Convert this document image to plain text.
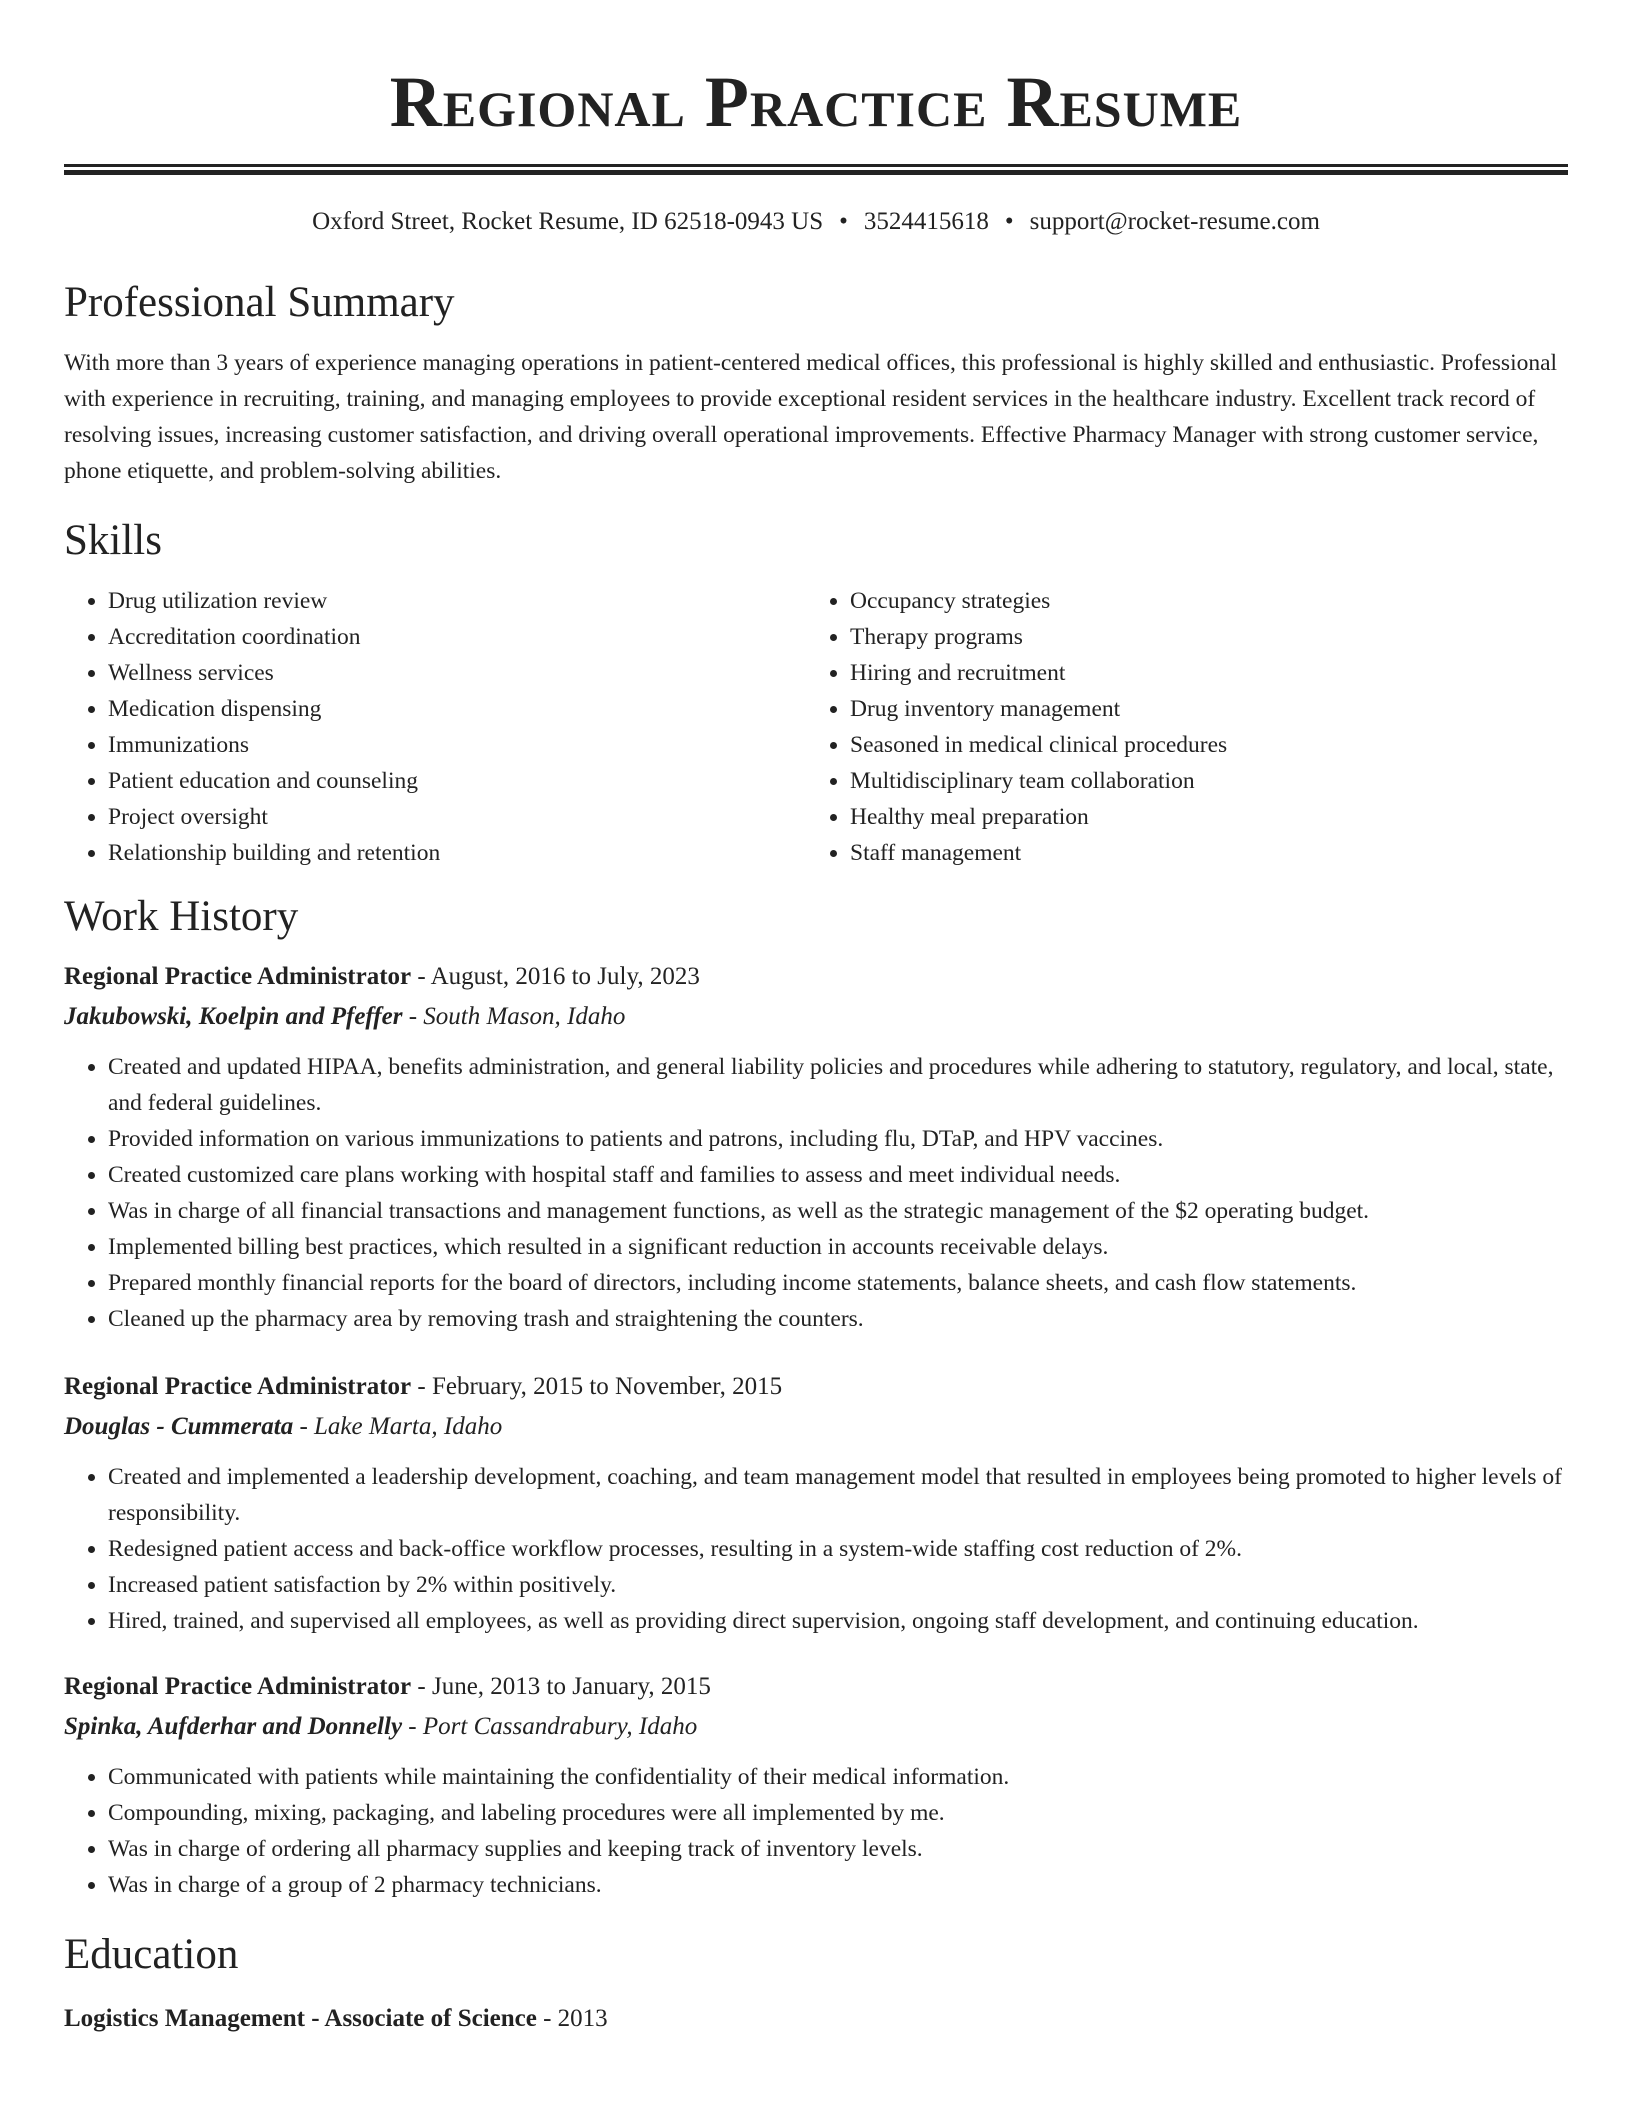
Regional Practice Resume
Oxford Street, Rocket Resume, ID 62518-0943 US • 3524415618 • support@rocket-resume.com
Professional Summary

With more than 3 years of experience managing operations in patient-centered medical offices, this professional is highly skilled and enthusiastic. Professional with experience in recruiting, training, and managing employees to provide exceptional resident services in the healthcare industry. Excellent track record of resolving issues, increasing customer satisfaction, and driving overall operational improvements. Effective Pharmacy Manager with strong customer service, phone etiquette, and problem-solving abilities.

Skills
• Drug utilization review
• Accreditation coordination
• Wellness services
• Medication dispensing
• Immunizations
• Patient education and counseling
• Project oversight
• Relationship building and retention
• Occupancy strategies
• Therapy programs
• Hiring and recruitment
• Drug inventory management
• Seasoned in medical clinical procedures
• Multidisciplinary team collaboration
• Healthy meal preparation
• Staff management
Work History
Regional Practice Administrator - August, 2016 to July, 2023
Jakubowski, Koelpin and Pfeffer - South Mason, Idaho
• Created and updated HIPAA, benefits administration, and general liability policies and procedures while adhering to statutory, regulatory, and local, state, and federal guidelines.
• Provided information on various immunizations to patients and patrons, including flu, DTaP, and HPV vaccines.
• Created customized care plans working with hospital staff and families to assess and meet individual needs.
• Was in charge of all financial transactions and management functions, as well as the strategic management of the $2 operating budget.
• Implemented billing best practices, which resulted in a significant reduction in accounts receivable delays.
• Prepared monthly financial reports for the board of directors, including income statements, balance sheets, and cash flow statements.
• Cleaned up the pharmacy area by removing trash and straightening the counters.
Regional Practice Administrator - February, 2015 to November, 2015
Douglas - Cummerata - Lake Marta, Idaho
• Created and implemented a leadership development, coaching, and team management model that resulted in employees being promoted to higher levels of responsibility.
• Redesigned patient access and back-office workflow processes, resulting in a system-wide staffing cost reduction of 2%.
• Increased patient satisfaction by 2% within positively.
• Hired, trained, and supervised all employees, as well as providing direct supervision, ongoing staff development, and continuing education.
Regional Practice Administrator - June, 2013 to January, 2015
Spinka, Aufderhar and Donnelly - Port Cassandrabury, Idaho
• Communicated with patients while maintaining the confidentiality of their medical information.
• Compounding, mixing, packaging, and labeling procedures were all implemented by me.
• Was in charge of ordering all pharmacy supplies and keeping track of inventory levels.
• Was in charge of a group of 2 pharmacy technicians.
Education
Logistics Management - Associate of Science - 2013
